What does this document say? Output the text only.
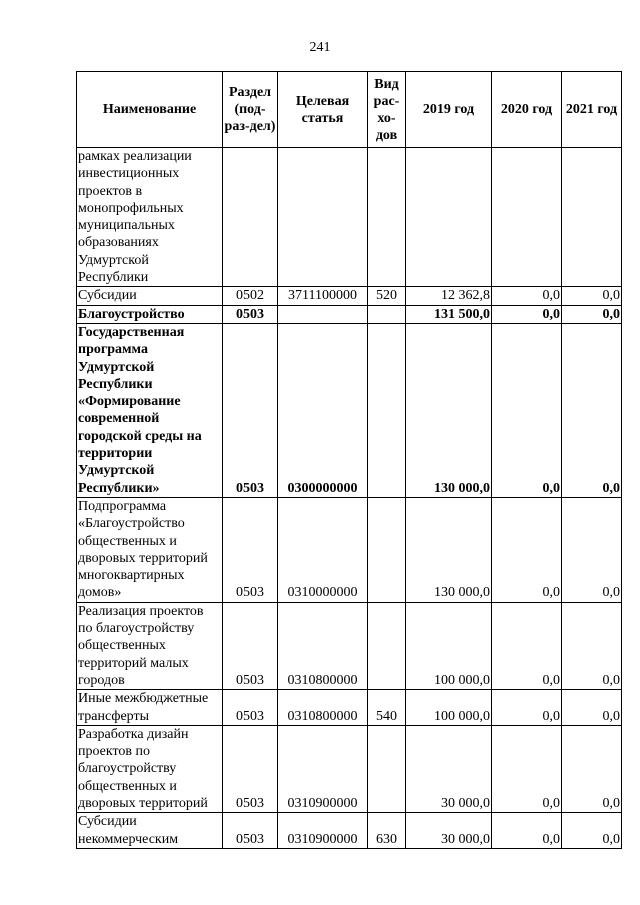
241
Наименование	Раздел (под-раз-дел)	Целевая статья	Вид рас-хо-дов	2019 год	2020 год	2021 год
рамках реализации инвестиционных проектов в монопрофильных муниципальных образованиях Удмуртской Республики						
Субсидии	0502	3711100000	520	12 362,8	0,0	0,0
Благоустройство	0503			131 500,0	0,0	0,0
Государственная программа Удмуртской Республики «Формирование современной городской среды на территории Удмуртской Республики»	0503	0300000000		130 000,0	0,0	0,0
Подпрограмма «Благоустройство общественных и дворовых территорий многоквартирных домов»	0503	0310000000		130 000,0	0,0	0,0
Реализация проектов по благоустройству общественных территорий малых городов	0503	0310800000		100 000,0	0,0	0,0
Иные межбюджетные трансферты	0503	0310800000	540	100 000,0	0,0	0,0
Разработка дизайн проектов по благоустройству общественных и дворовых территорий	0503	0310900000		30 000,0	0,0	0,0
Субсидии некоммерческим	0503	0310900000	630	30 000,0	0,0	0,0
